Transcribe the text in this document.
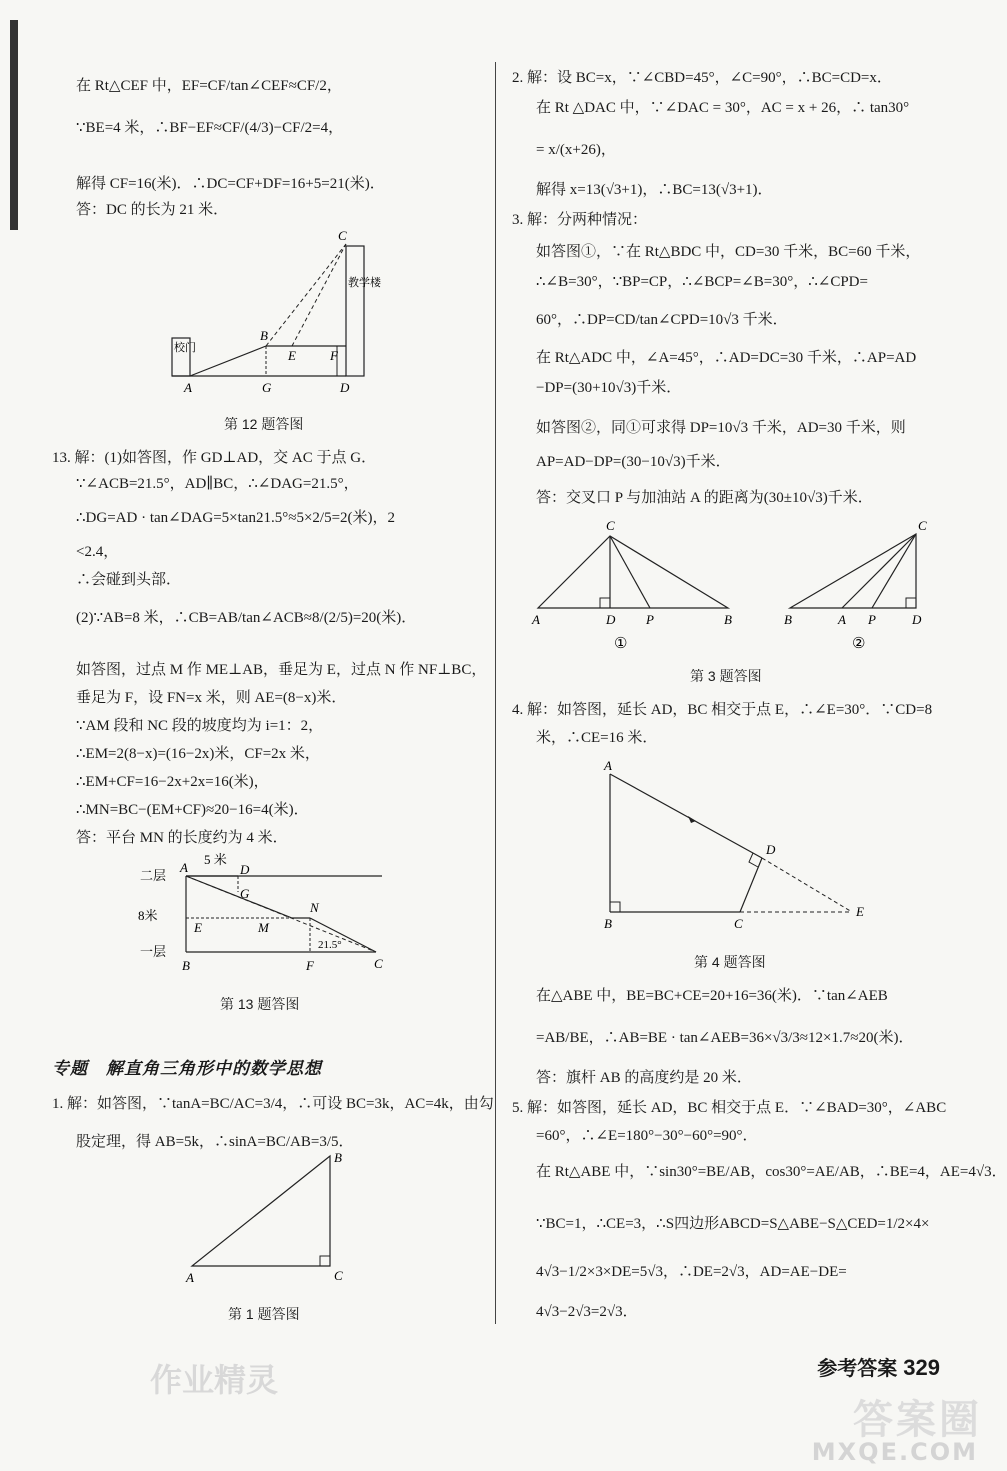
在 Rt△CEF 中，EF=CF/tan∠CEF≈CF/2，
∵BE=4 米，∴BF−EF≈CF/(4/3)−CF/2=4，
解得 CF=16(米)．∴DC=CF+DF=16+5=21(米)．
答：DC 的长为 21 米．
校门
教学楼
C
B
E	F
A	G	D
第 12 题答图
13. 解：(1)如答图，作 GD⊥AD，交 AC 于点 G．
∵∠ACB=21.5°，AD∥BC，∴∠DAG=21.5°，
∴DG=AD · tan∠DAG=5×tan21.5°≈5×2/5=2(米)，2
<2.4，
∴会碰到头部．
(2)∵AB=8 米，∴CB=AB/tan∠ACB≈8/(2/5)=20(米)．
如答图，过点 M 作 ME⊥AB，垂足为 E，过点 N 作 NF⊥BC，
垂足为 F，设 FN=x 米，则 AE=(8−x)米．
∵AM 段和 NC 段的坡度均为 i=1：2，
∴EM=2(8−x)=(16−2x)米，CF=2x 米，
∴EM+CF=16−2x+2x=16(米)，
∴MN=BC−(EM+CF)≈20−16=4(米)．
答：平台 MN 的长度约为 4 米．
二层
一层
8米
5 米
A	D
G
N
E	M
B	F	C
21.5°
第 13 题答图
专题　解直角三角形中的数学思想
1. 解：如答图，∵tanA=BC/AC=3/4，∴可设 BC=3k，AC=4k，由勾
股定理，得 AB=5k，∴sinA=BC/AB=3/5．
A
B
C
第 1 题答图
2. 解：设 BC=x，∵∠CBD=45°，∠C=90°，∴BC=CD=x．
在 Rt △DAC 中，∵∠DAC = 30°，AC = x + 26，∴ tan30°
= x/(x+26)，
解得 x=13(√3+1)，∴BC=13(√3+1)．
3. 解：分两种情况：
如答图①，∵在 Rt△BDC 中，CD=30 千米，BC=60 千米，
∴∠B=30°，∵BP=CP，∴∠BCP=∠B=30°，∴∠CPD=
60°，∴DP=CD/tan∠CPD=10√3 千米．
在 Rt△ADC 中，∠A=45°，∴AD=DC=30 千米，∴AP=AD
−DP=(30+10√3)千米．
如答图②，同①可求得 DP=10√3 千米，AD=30 千米，则
AP=AD−DP=(30−10√3)千米．
答：交叉口 P 与加油站 A 的距离为(30±10√3)千米．
C
A	D P	B
①
C
B	A P	D
②
第 3 题答图
4. 解：如答图，延长 AD，BC 相交于点 E，∴∠E=30°．∵CD=8
米，∴CE=16 米．
A
B	C
D
E
第 4 题答图
在△ABE 中，BE=BC+CE=20+16=36(米)．∵tan∠AEB
=AB/BE，∴AB=BE · tan∠AEB=36×√3/3≈12×1.7≈20(米)．
答：旗杆 AB 的高度约是 20 米．
5. 解：如答图，延长 AD，BC 相交于点 E．∵∠BAD=30°，∠ABC
=60°，∴∠E=180°−30°−60°=90°．
在 Rt△ABE 中，∵sin30°=BE/AB，cos30°=AE/AB，∴BE=4，AE=4√3．
∵BC=1，∴CE=3，∴S四边形ABCD=S△ABE−S△CED=1/2×4×
4√3−1/2×3×DE=5√3，∴DE=2√3，AD=AE−DE=
4√3−2√3=2√3．
作业精灵	参考答案 329
答案圈
MXQE.COM
